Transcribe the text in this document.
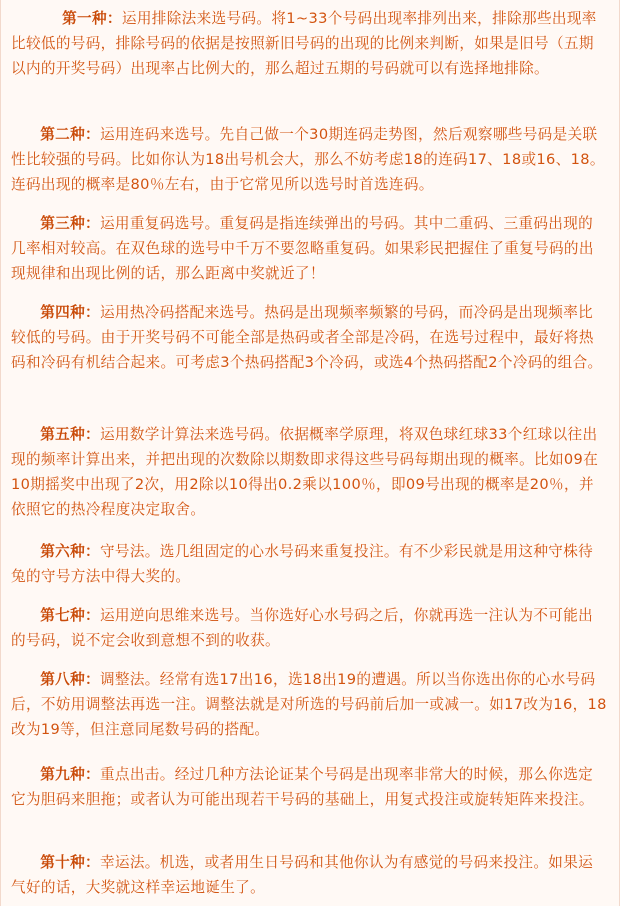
第一种：运用排除法来选号码。将1~33个号码出现率排列出来，排除那些出现率比较低的号码，排除号码的依据是按照新旧号码的出现的比例来判断，如果是旧号（五期以内的开奖号码）出现率占比例大的，那么超过五期的号码就可以有选择地排除。

第二种：运用连码来选号。先自己做一个30期连码走势图，然后观察哪些号码是关联性比较强的号码。比如你认为18出号机会大，那么不妨考虑18的连码17、18或16、18。连码出现的概率是80％左右，由于它常见所以选号时首选连码。

第三种：运用重复码选号。重复码是指连续弹出的号码。其中二重码、三重码出现的几率相对较高。在双色球的选号中千万不要忽略重复码。如果彩民把握住了重复号码的出现规律和出现比例的话，那么距离中奖就近了！

第四种：运用热冷码搭配来选号。热码是出现频率频繁的号码，而冷码是出现频率比较低的号码。由于开奖号码不可能全部是热码或者全部是冷码，在选号过程中，最好将热码和冷码有机结合起来。可考虑3个热码搭配3个冷码，或选4个热码搭配2个冷码的组合。

第五种：运用数学计算法来选号码。依据概率学原理，将双色球红球33个红球以往出现的频率计算出来，并把出现的次数除以期数即求得这些号码每期出现的概率。比如09在10期摇奖中出现了2次，用2除以10得出0.2乘以100％，即09号出现的概率是20％，并依照它的热冷程度决定取舍。

第六种：守号法。选几组固定的心水号码来重复投注。有不少彩民就是用这种守株待兔的守号方法中得大奖的。

第七种：运用逆向思维来选号。当你选好心水号码之后，你就再选一注认为不可能出的号码，说不定会收到意想不到的收获。

第八种：调整法。经常有选17出16，选18出19的遭遇。所以当你选出你的心水号码后，不妨用调整法再选一注。调整法就是对所选的号码前后加一或减一。如17改为16，18改为19等，但注意同尾数号码的搭配。

第九种：重点出击。经过几种方法论证某个号码是出现率非常大的时候，那么你选定它为胆码来胆拖；或者认为可能出现若干号码的基础上，用复式投注或旋转矩阵来投注。

第十种：幸运法。机选，或者用生日号码和其他你认为有感觉的号码来投注。如果运气好的话，大奖就这样幸运地诞生了。
